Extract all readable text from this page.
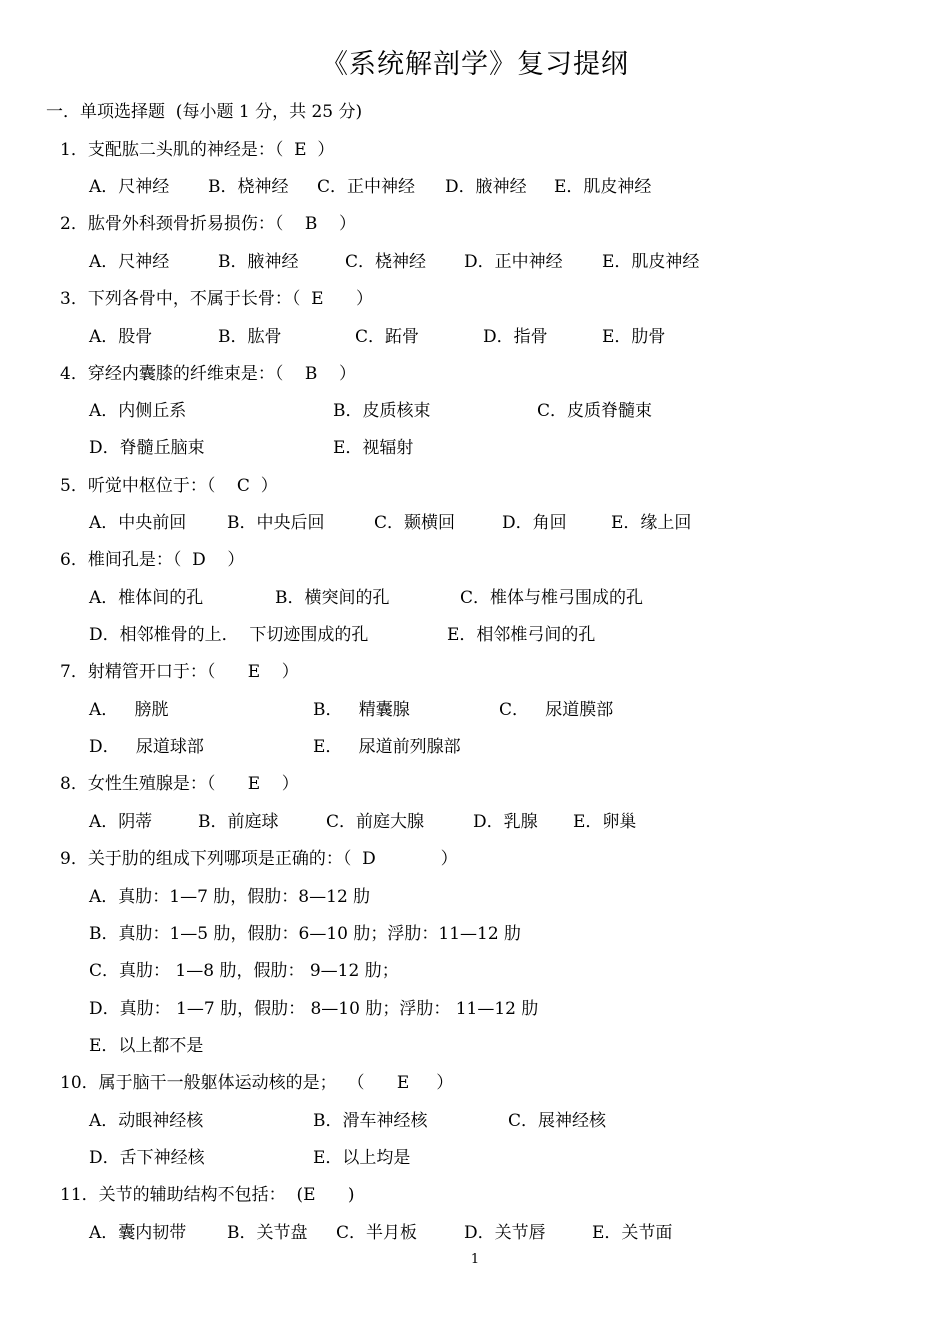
《系统解剖学》复习提纲
一．单项选择题  (每小题 1 分，共 25 分)
1．支配肱二头肌的神经是：（  E  ）
A．尺神经 B．桡神经 C．正中神经 D．腋神经 E．肌皮神经
2．肱骨外科颈骨折易损伤：（    B    ）
A．尺神经	B．腋神经	C．桡神经 D．正中神经 E．肌皮神经
3．下列各骨中，不属于长骨：（  E      ）
A．股骨	B．肱骨	C．跖骨	D．指骨	E．肋骨
4．穿经内囊膝的纤维束是：（    B    ）
A．内侧丘系	B．皮质核束	C．皮质脊髓束
D．脊髓丘脑束	E．视辐射
5．听觉中枢位于：（    C  ）
A．中央前回 B．中央后回	C．颞横回	D．角回	E．缘上回
6．椎间孔是：（  D    ）
A．椎体间的孔	B．横突间的孔	C．椎体与椎弓围成的孔
D．相邻椎骨的上．  下切迹围成的孔	E．相邻椎弓间的孔
7．射精管开口于：（      E    ）
A．   膀胱	B．   精囊腺	C．   尿道膜部
D．   尿道球部	E．   尿道前列腺部
8．女性生殖腺是：（      E    ）
A．阴蒂	B．前庭球	C．前庭大腺	D．乳腺 E．卵巢
9．关于肋的组成下列哪项是正确的：（  D            ）
A．真肋：1—7 肋，假肋：8—12 肋
B．真肋：1—5 肋，假肋：6—10 肋；浮肋：11—12 肋
C．真肋： 1—8 肋，假肋： 9—12 肋；
D．真肋： 1—7 肋，假肋： 8—10 肋；浮肋： 11—12 肋
E．以上都不是
10．属于脑干一般躯体运动核的是；  （      E     ）
A．动眼神经核	B．滑车神经核	C．展神经核
D．舌下神经核	E．以上均是
11．关节的辅助结构不包括：  (E      )
A．囊内韧带 B．关节盘 C．半月板	D．关节唇	E．关节面
1
